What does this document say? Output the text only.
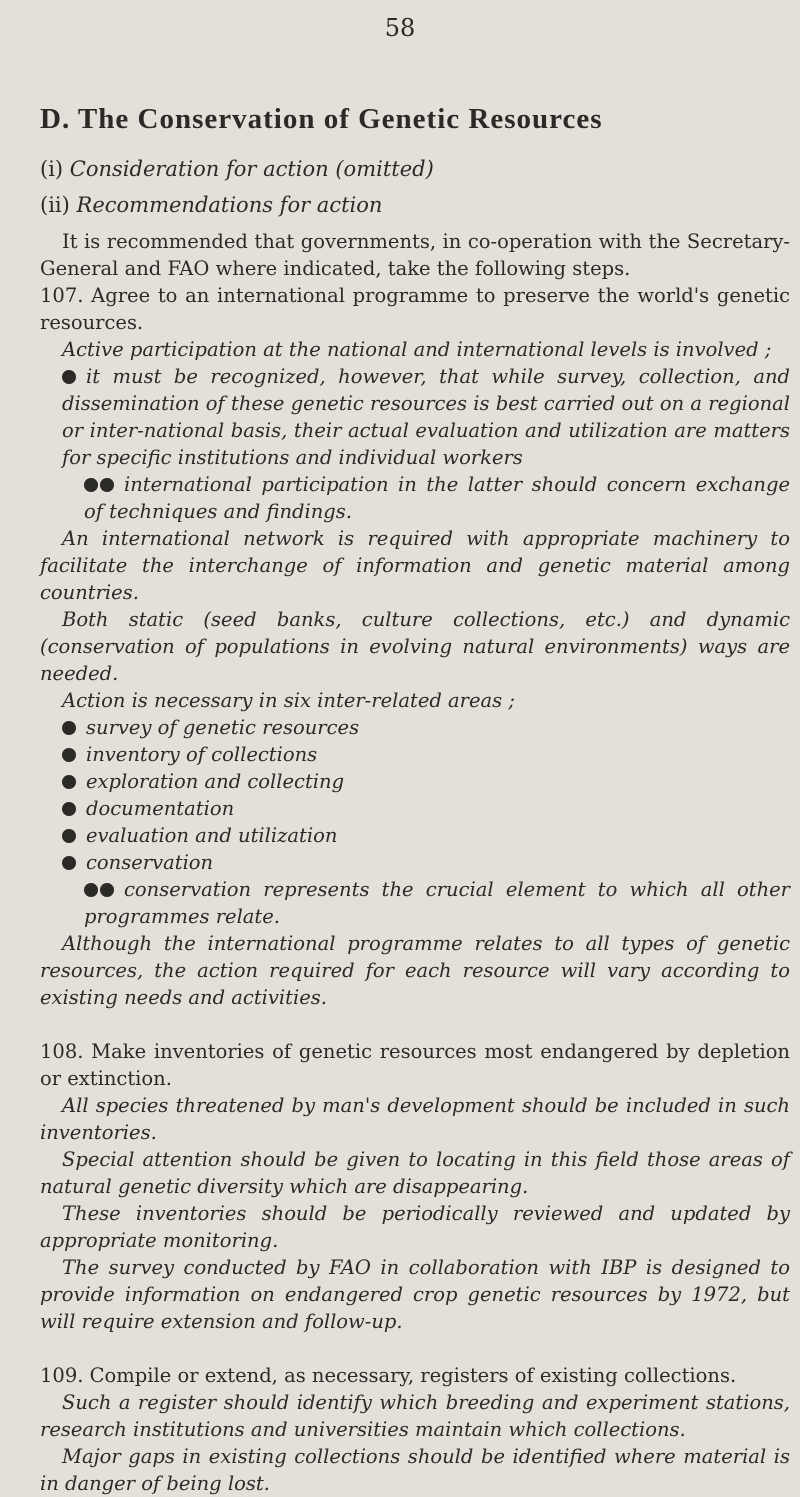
58
D. The Conservation of Genetic Resources
(i) Consideration for action (omitted)
(ii) Recommendations for action

It is recommended that governments, in co-operation with the Secretary-General and FAO where indicated, take the following steps.

107. Agree to an international programme to preserve the world's genetic resources.

Active participation at the national and international levels is involved ;

it must be recognized, however, that while survey, collection, and dissemination of these genetic resources is best carried out on a regional or inter-national basis, their actual evaluation and utilization are matters for specific institutions and individual workers

international participation in the latter should concern exchange of techniques and findings.

An international network is required with appropriate machinery to facilitate the interchange of information and genetic material among countries.

Both static (seed banks, culture collections, etc.) and dynamic (conservation of populations in evolving natural environments) ways are needed.

Action is necessary in six inter-related areas ;

survey of genetic resources

inventory of collections

exploration and collecting

documentation

evaluation and utilization

conservation

conservation represents the crucial element to which all other programmes relate.

Although the international programme relates to all types of genetic resources, the action required for each resource will vary according to existing needs and activities.

108. Make inventories of genetic resources most endangered by depletion or extinction.

All species threatened by man's development should be included in such inventories.

Special attention should be given to locating in this field those areas of natural genetic diversity which are disappearing.

These inventories should be periodically reviewed and updated by appropriate monitoring.

The survey conducted by FAO in collaboration with IBP is designed to provide information on endangered crop genetic resources by 1972, but will require extension and follow-up.

109. Compile or extend, as necessary, registers of existing collections.

Such a register should identify which breeding and experiment stations, research institutions and universities maintain which collections.

Major gaps in existing collections should be identified where material is in danger of being lost.
